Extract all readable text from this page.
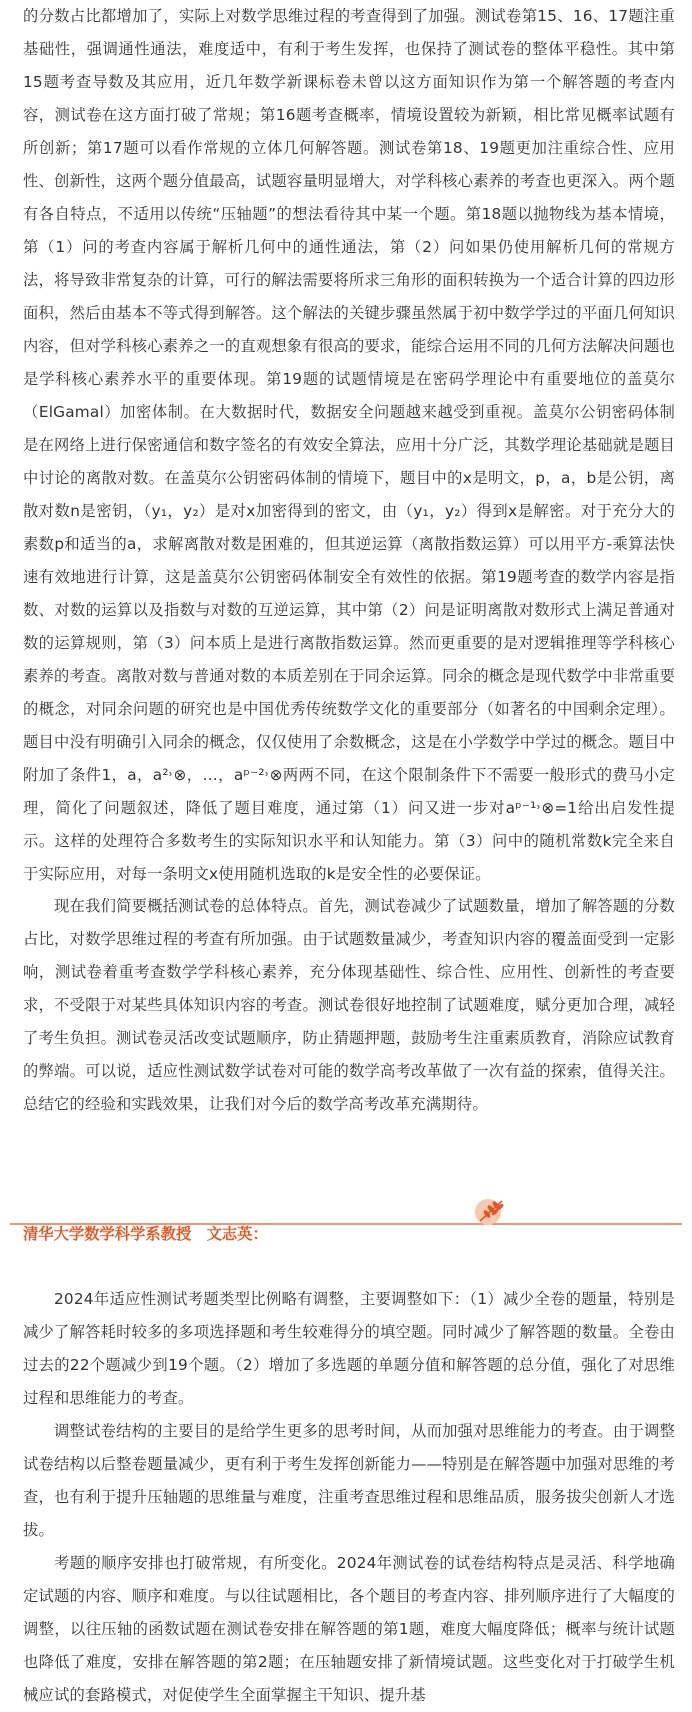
的分数占比都增加了，实际上对数学思维过程的考查得到了加强。测试卷第15、16、17题注重基础性，强调通性通法，难度适中，有利于考生发挥，也保持了测试卷的整体平稳性。其中第15题考查导数及其应用，近几年数学新课标卷未曾以这方面知识作为第一个解答题的考查内容，测试卷在这方面打破了常规；第16题考查概率，情境设置较为新颖，相比常见概率试题有所创新；第17题可以看作常规的立体几何解答题。测试卷第18、19题更加注重综合性、应用性、创新性，这两个题分值最高，试题容量明显增大，对学科核心素养的考查也更深入。两个题有各自特点，不适用以传统“压轴题”的想法看待其中某一个题。第18题以抛物线为基本情境，第（1）问的考查内容属于解析几何中的通性通法，第（2）问如果仍使用解析几何的常规方法，将导致非常复杂的计算，可行的解法需要将所求三角形的面积转换为一个适合计算的四边形面积，然后由基本不等式得到解答。这个解法的关键步骤虽然属于初中数学学过的平面几何知识内容，但对学科核心素养之一的直观想象有很高的要求，能综合运用不同的几何方法解决问题也是学科核心素养水平的重要体现。第19题的试题情境是在密码学理论中有重要地位的盖莫尔（ElGamal）加密体制。在大数据时代，数据安全问题越来越受到重视。盖莫尔公钥密码体制是在网络上进行保密通信和数字签名的有效安全算法，应用十分广泛，其数学理论基础就是题目中讨论的离散对数。在盖莫尔公钥密码体制的情境下，题目中的x是明文，p，a，b是公钥，离散对数n是密钥，（y₁，y₂）是对x加密得到的密文，由（y₁，y₂）得到x是解密。对于充分大的素数p和适当的a，求解离散对数是困难的，但其逆运算（离散指数运算）可以用平方-乘算法快速有效地进行计算，这是盖莫尔公钥密码体制安全有效性的依据。第19题考查的数学内容是指数、对数的运算以及指数与对数的互逆运算，其中第（2）问是证明离散对数形式上满足普通对数的运算规则，第（3）问本质上是进行离散指数运算。然而更重要的是对逻辑推理等学科核心素养的考查。离散对数与普通对数的本质差别在于同余运算。同余的概念是现代数学中非常重要的概念，对同余问题的研究也是中国优秀传统数学文化的重要部分（如著名的中国剩余定理）。题目中没有明确引入同余的概念，仅仅使用了余数概念，这是在小学数学中学过的概念。题目中附加了条件1，a，a²˒⊗，…，aᵖ⁻²˒⊗两两不同，在这个限制条件下不需要一般形式的费马小定理，简化了问题叙述，降低了题目难度，通过第（1）问又进一步对aᵖ⁻¹˒⊗=1给出启发性提示。这样的处理符合多数考生的实际知识水平和认知能力。第（3）问中的随机常数k完全来自于实际应用，对每一条明文x使用随机选取的k是安全性的必要保证。

现在我们简要概括测试卷的总体特点。首先，测试卷减少了试题数量，增加了解答题的分数占比，对数学思维过程的考查有所加强。由于试题数量减少，考查知识内容的覆盖面受到一定影响，测试卷着重考查数学学科核心素养，充分体现基础性、综合性、应用性、创新性的考查要求，不受限于对某些具体知识内容的考查。测试卷很好地控制了试题难度，赋分更加合理，减轻了考生负担。测试卷灵活改变试题顺序，防止猜题押题，鼓励考生注重素质教育，消除应试教育的弊端。可以说，适应性测试数学试卷对可能的数学高考改革做了一次有益的探索，值得关注。总结它的经验和实践效果，让我们对今后的数学高考改革充满期待。

清华大学数学科学系教授　文志英：

2024年适应性测试考题类型比例略有调整，主要调整如下：（1）减少全卷的题量，特别是减少了解答耗时较多的多项选择题和考生较难得分的填空题。同时减少了解答题的数量。全卷由过去的22个题减少到19个题。（2）增加了多选题的单题分值和解答题的总分值，强化了对思维过程和思维能力的考查。

调整试卷结构的主要目的是给学生更多的思考时间，从而加强对思维能力的考查。由于调整试卷结构以后整卷题量减少，更有利于考生发挥创新能力——特别是在解答题中加强对思维的考查，也有利于提升压轴题的思维量与难度，注重考查思维过程和思维品质，服务拔尖创新人才选拔。

考题的顺序安排也打破常规，有所变化。2024年测试卷的试卷结构特点是灵活、科学地确定试题的内容、顺序和难度。与以往试题相比，各个题目的考查内容、排列顺序进行了大幅度的调整，以往压轴的函数试题在测试卷安排在解答题的第1题，难度大幅度降低；概率与统计试题也降低了难度，安排在解答题的第2题；在压轴题安排了新情境试题。这些变化对于打破学生机械应试的套路模式，对促使学生全面掌握主干知识、提升基
